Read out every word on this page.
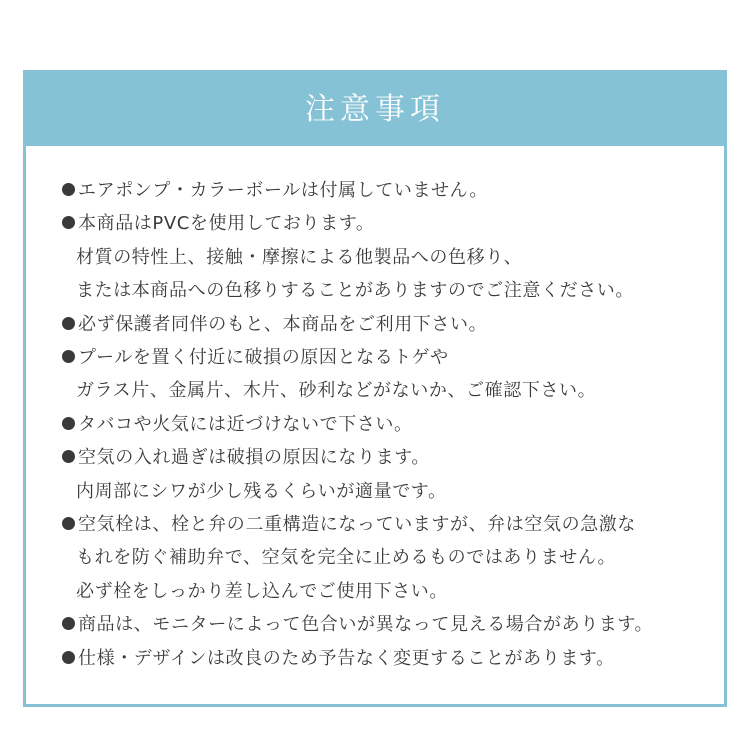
注意事項
エアポンプ・カラーボールは付属していません。
本商品はPVCを使用しております。
材質の特性上、接触・摩擦による他製品への色移り、
または本商品への色移りすることがありますのでご注意ください。
必ず保護者同伴のもと、本商品をご利用下さい。
プールを置く付近に破損の原因となるトゲや
ガラス片、金属片、木片、砂利などがないか、ご確認下さい。
タバコや火気には近づけないで下さい。
空気の入れ過ぎは破損の原因になります。
内周部にシワが少し残るくらいが適量です。
空気栓は、栓と弁の二重構造になっていますが、弁は空気の急激な
もれを防ぐ補助弁で、空気を完全に止めるものではありません。
必ず栓をしっかり差し込んでご使用下さい。
商品は、モニターによって色合いが異なって見える場合があります。
仕様・デザインは改良のため予告なく変更することがあります。
